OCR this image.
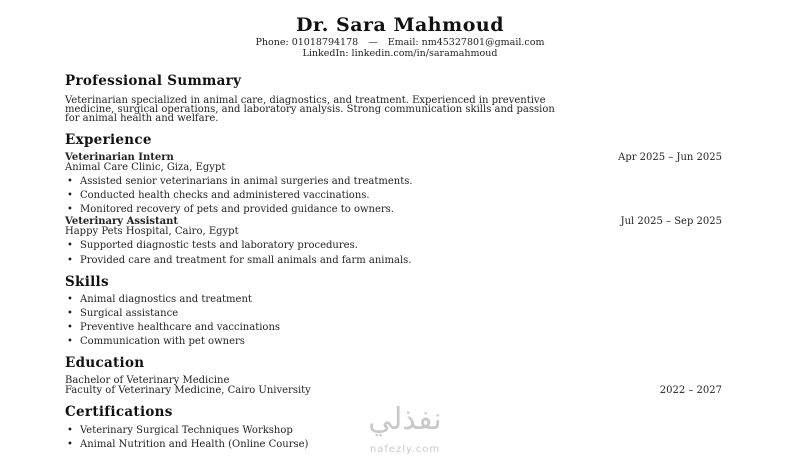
Dr. Sara Mahmoud
Phone: 01018794178 — Email: nm45327801@gmail.com
LinkedIn: linkedin.com/in/saramahmoud
Professional Summary
Veterinarian specialized in animal care, diagnostics, and treatment. Experienced in preventive
medicine, surgical operations, and laboratory analysis. Strong communication skills and passion
for animal health and welfare.
Experience
Veterinarian Intern	Apr 2025 – Jun 2025
Animal Care Clinic, Giza, Egypt
• Assisted senior veterinarians in animal surgeries and treatments.
• Conducted health checks and administered vaccinations.
• Monitored recovery of pets and provided guidance to owners.
Veterinary Assistant	Jul 2025 – Sep 2025
Happy Pets Hospital, Cairo, Egypt
• Supported diagnostic tests and laboratory procedures.
• Provided care and treatment for small animals and farm animals.
Skills
• Animal diagnostics and treatment
• Surgical assistance
• Preventive healthcare and vaccinations
• Communication with pet owners
Education
Bachelor of Veterinary Medicine
Faculty of Veterinary Medicine, Cairo University	2022 – 2027
Certifications
• Veterinary Surgical Techniques Workshop
• Animal Nutrition and Health (Online Course)
نفذلي
nafezly.com
